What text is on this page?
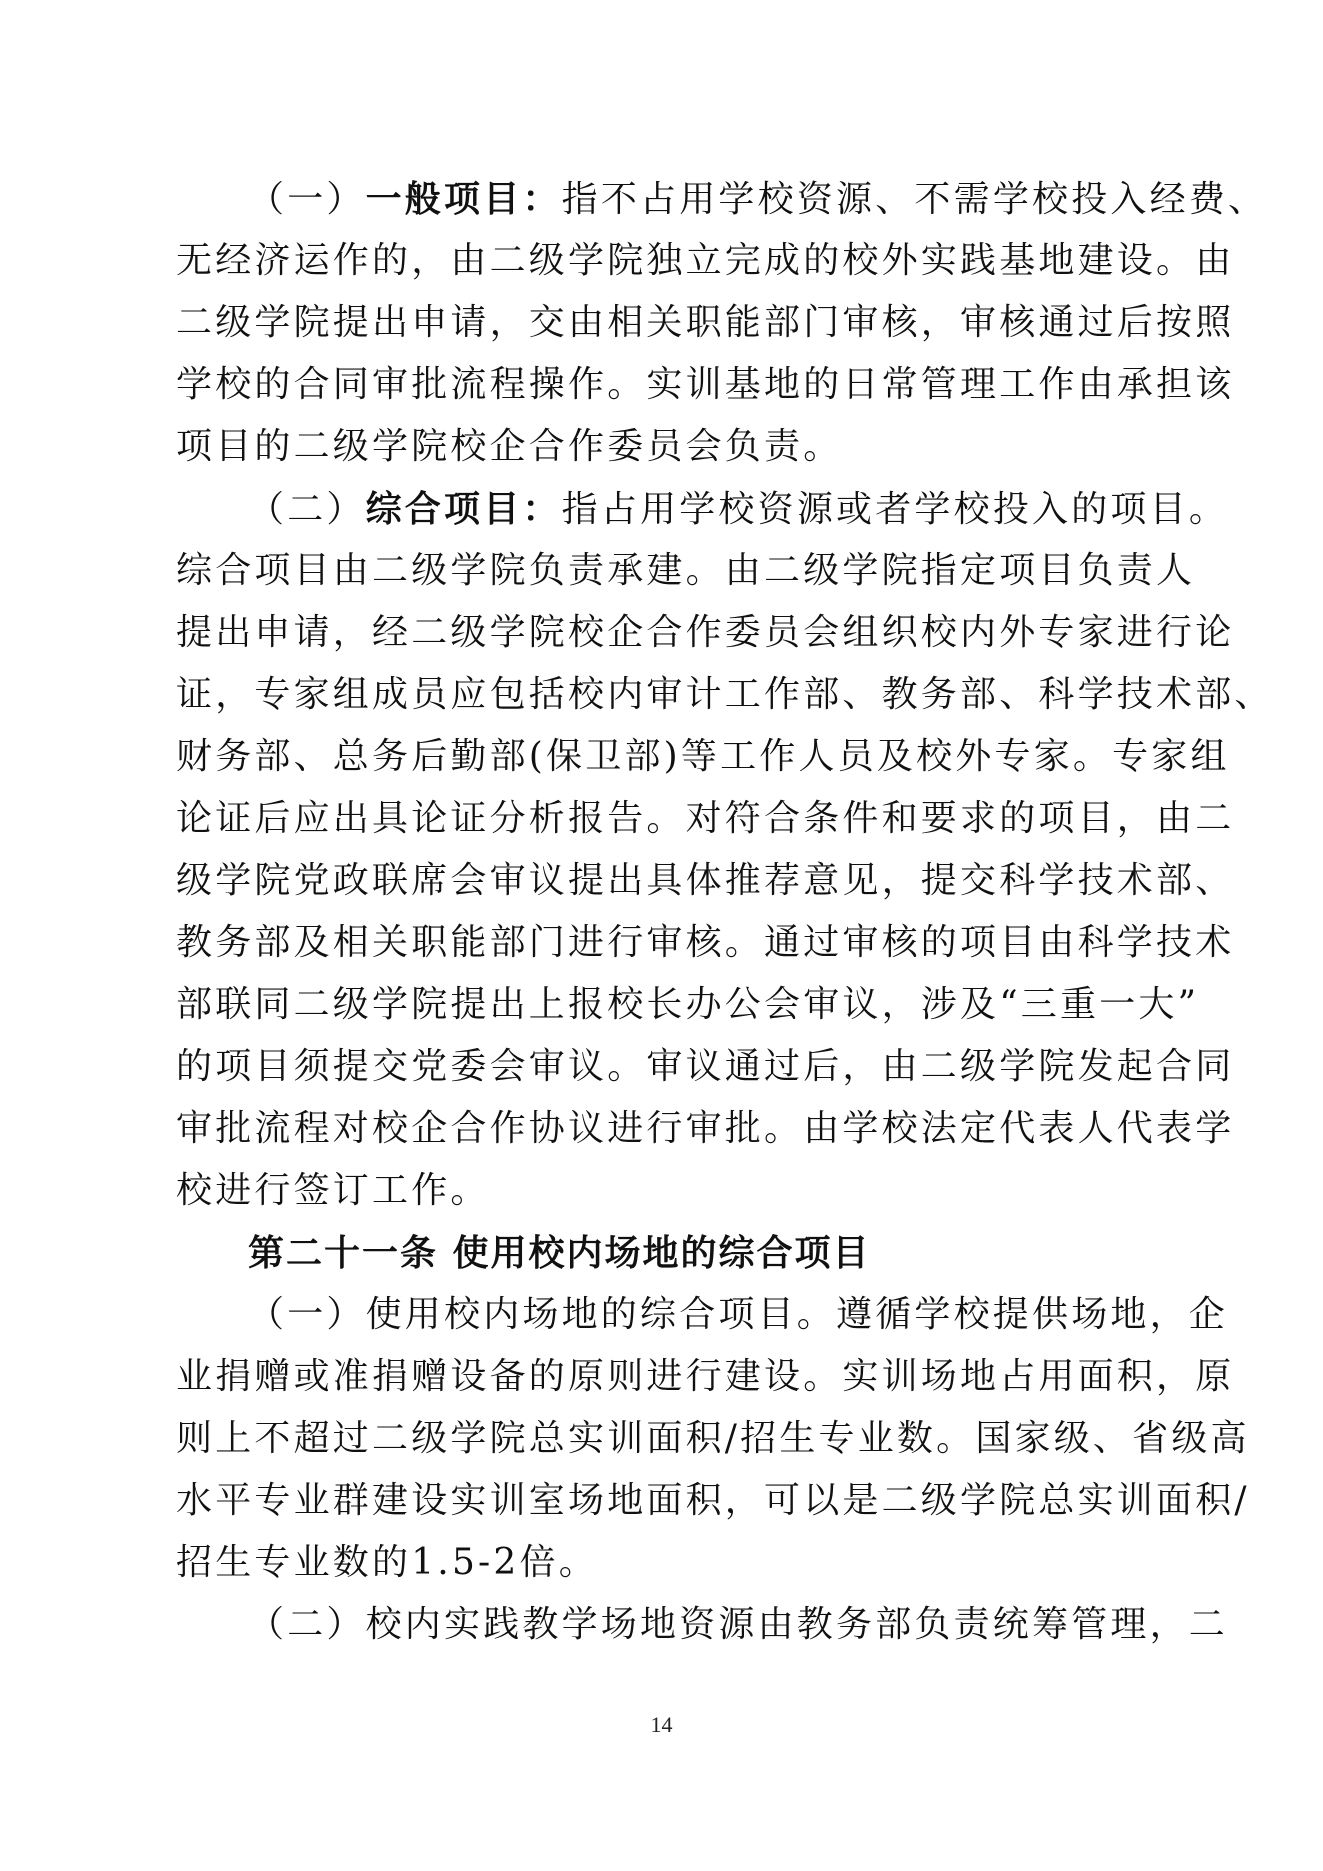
（一）一般项目：指不占用学校资源、不需学校投入经费、
无经济运作的，由二级学院独立完成的校外实践基地建设。由
二级学院提出申请，交由相关职能部门审核，审核通过后按照
学校的合同审批流程操作。实训基地的日常管理工作由承担该
项目的二级学院校企合作委员会负责。
（二）综合项目：指占用学校资源或者学校投入的项目。
综合项目由二级学院负责承建。由二级学院指定项目负责人
提出申请，经二级学院校企合作委员会组织校内外专家进行论
证，专家组成员应包括校内审计工作部、教务部、科学技术部、
财务部、总务后勤部(保卫部)等工作人员及校外专家。专家组
论证后应出具论证分析报告。对符合条件和要求的项目，由二
级学院党政联席会审议提出具体推荐意见，提交科学技术部、
教务部及相关职能部门进行审核。通过审核的项目由科学技术
部联同二级学院提出上报校长办公会审议，涉及“三重一大”
的项目须提交党委会审议。审议通过后，由二级学院发起合同
审批流程对校企合作协议进行审批。由学校法定代表人代表学
校进行签订工作。
第二十一条 使用校内场地的综合项目
（一）使用校内场地的综合项目。遵循学校提供场地，企
业捐赠或准捐赠设备的原则进行建设。实训场地占用面积，原
则上不超过二级学院总实训面积/招生专业数。国家级、省级高
水平专业群建设实训室场地面积，可以是二级学院总实训面积/
招生专业数的1.5-2倍。
（二）校内实践教学场地资源由教务部负责统筹管理，二
14
